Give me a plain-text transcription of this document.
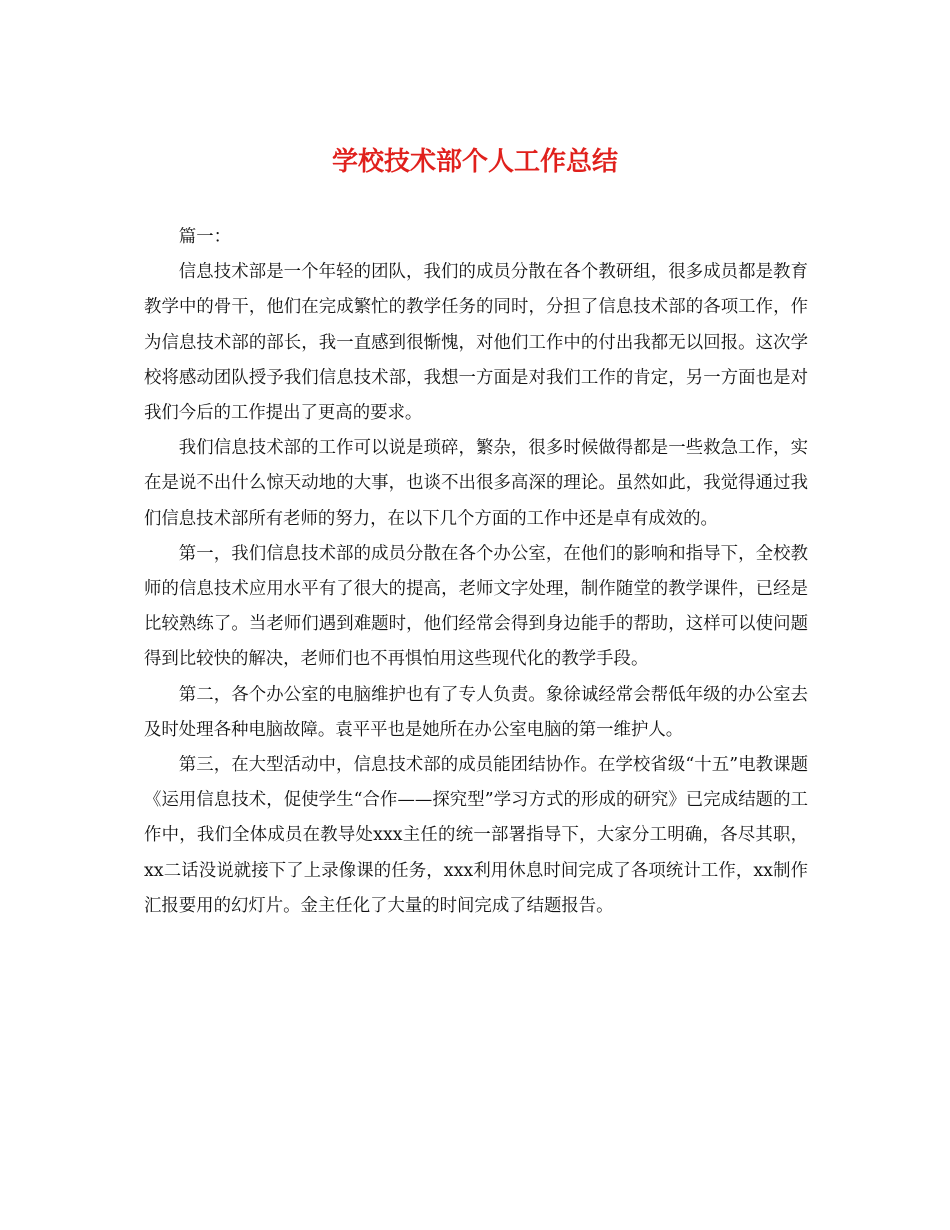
学校技术部个人工作总结

篇一：

信息技术部是一个年轻的团队，我们的成员分散在各个教研组，很多成员都是教育教学中的骨干，他们在完成繁忙的教学任务的同时，分担了信息技术部的各项工作，作为信息技术部的部长，我一直感到很惭愧，对他们工作中的付出我都无以回报。这次学校将感动团队授予我们信息技术部，我想一方面是对我们工作的肯定，另一方面也是对我们今后的工作提出了更高的要求。

我们信息技术部的工作可以说是琐碎，繁杂，很多时候做得都是一些救急工作，实在是说不出什么惊天动地的大事，也谈不出很多高深的理论。虽然如此，我觉得通过我们信息技术部所有老师的努力，在以下几个方面的工作中还是卓有成效的。

第一，我们信息技术部的成员分散在各个办公室，在他们的影响和指导下，全校教师的信息技术应用水平有了很大的提高，老师文字处理，制作随堂的教学课件，已经是比较熟练了。当老师们遇到难题时，他们经常会得到身边能手的帮助，这样可以使问题得到比较快的解决，老师们也不再惧怕用这些现代化的教学手段。

第二，各个办公室的电脑维护也有了专人负责。象徐诚经常会帮低年级的办公室去及时处理各种电脑故障。袁平平也是她所在办公室电脑的第一维护人。

第三，在大型活动中，信息技术部的成员能团结协作。在学校省级“十五”电教课题《运用信息技术，促使学生“合作——探究型”学习方式的形成的研究》已完成结题的工作中，我们全体成员在教导处xxx主任的统一部署指导下，大家分工明确，各尽其职，xx二话没说就接下了上录像课的任务，xxx利用休息时间完成了各项统计工作，xx制作汇报要用的幻灯片。金主任化了大量的时间完成了结题报告。
